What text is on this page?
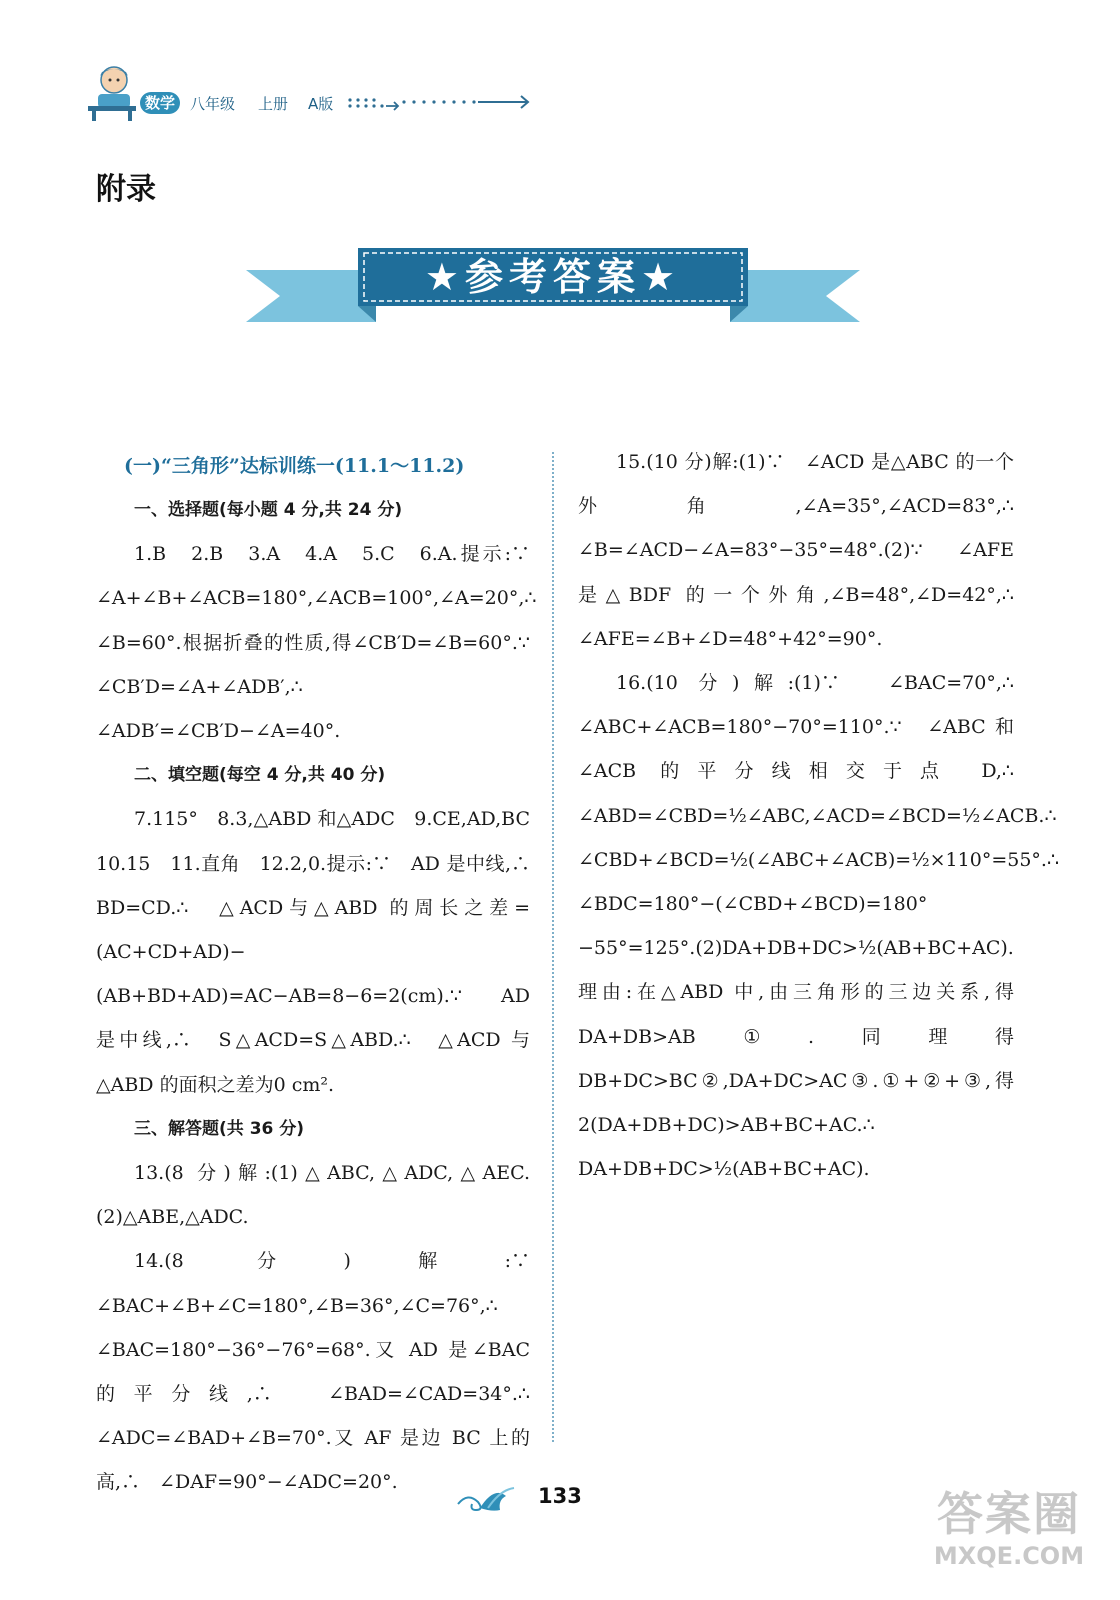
数学	八年级 上册 A版
附录
★参考答案★

(一)“三角形”达标训练一(11.1～11.2)

一、选择题(每小题 4 分,共 24 分)

1.B　2.B　3.A　4.A　5.C　6.A.提示:∵　∠A+∠B+∠ACB=180°,∠ACB=100°,∠A=20°,∴　∠B=60°.根据折叠的性质,得∠CB′D=∠B=60°.∵　∠CB′D=∠A+∠ADB′,∴　∠ADB′=∠CB′D−∠A=40°.

二、填空题(每空 4 分,共 40 分)

7.115°　8.3,△ABD 和△ADC　9.CE,AD,BC　10.15　11.直角　12.2,0.提示:∵　AD 是中线,∴　BD=CD.∴　△ACD与△ABD 的周长之差=(AC+CD+AD)−(AB+BD+AD)=AC−AB=8−6=2(cm).∵　AD 是中线,∴　S△ACD=S△ABD.∴　△ACD 与△ABD 的面积之差为0 cm².

三、解答题(共 36 分)

13.(8 分)解:(1)△ABC,△ADC,△AEC.(2)△ABE,△ADC.

14.(8 分)解:∵　∠BAC+∠B+∠C=180°,∠B=36°,∠C=76°,∴　∠BAC=180°−36°−76°=68°.又 AD 是∠BAC 的平分线,∴　∠BAD=∠CAD=34°.∴　∠ADC=∠BAD+∠B=70°.又 AF 是边 BC 上的高,∴　∠DAF=90°−∠ADC=20°.

15.(10 分)解:(1)∵　∠ACD 是△ABC 的一个外角,∠A=35°,∠ACD=83°,∴　∠B=∠ACD−∠A=83°−35°=48°.(2)∵　∠AFE 是△BDF 的一个外角,∠B=48°,∠D=42°,∴　∠AFE=∠B+∠D=48°+42°=90°.

16.(10 分)解:(1)∵　∠BAC=70°,∴　∠ABC+∠ACB=180°−70°=110°.∵　∠ABC 和∠ACB 的平分线相交于点 D,∴　∠ABD=∠CBD=½∠ABC,∠ACD=∠BCD=½∠ACB.∴　∠CBD+∠BCD=½(∠ABC+∠ACB)=½×110°=55°.∴　∠BDC=180°−(∠CBD+∠BCD)=180°−55°=125°.(2)DA+DB+DC>½(AB+BC+AC).理由:在△ABD 中,由三角形的三边关系,得DA+DB>AB①.同理得 DB+DC>BC②,DA+DC>AC③.①+②+③,得 2(DA+DB+DC)>AB+BC+AC.∴　DA+DB+DC>½(AB+BC+AC).

133	答案圈
MXQE.COM
